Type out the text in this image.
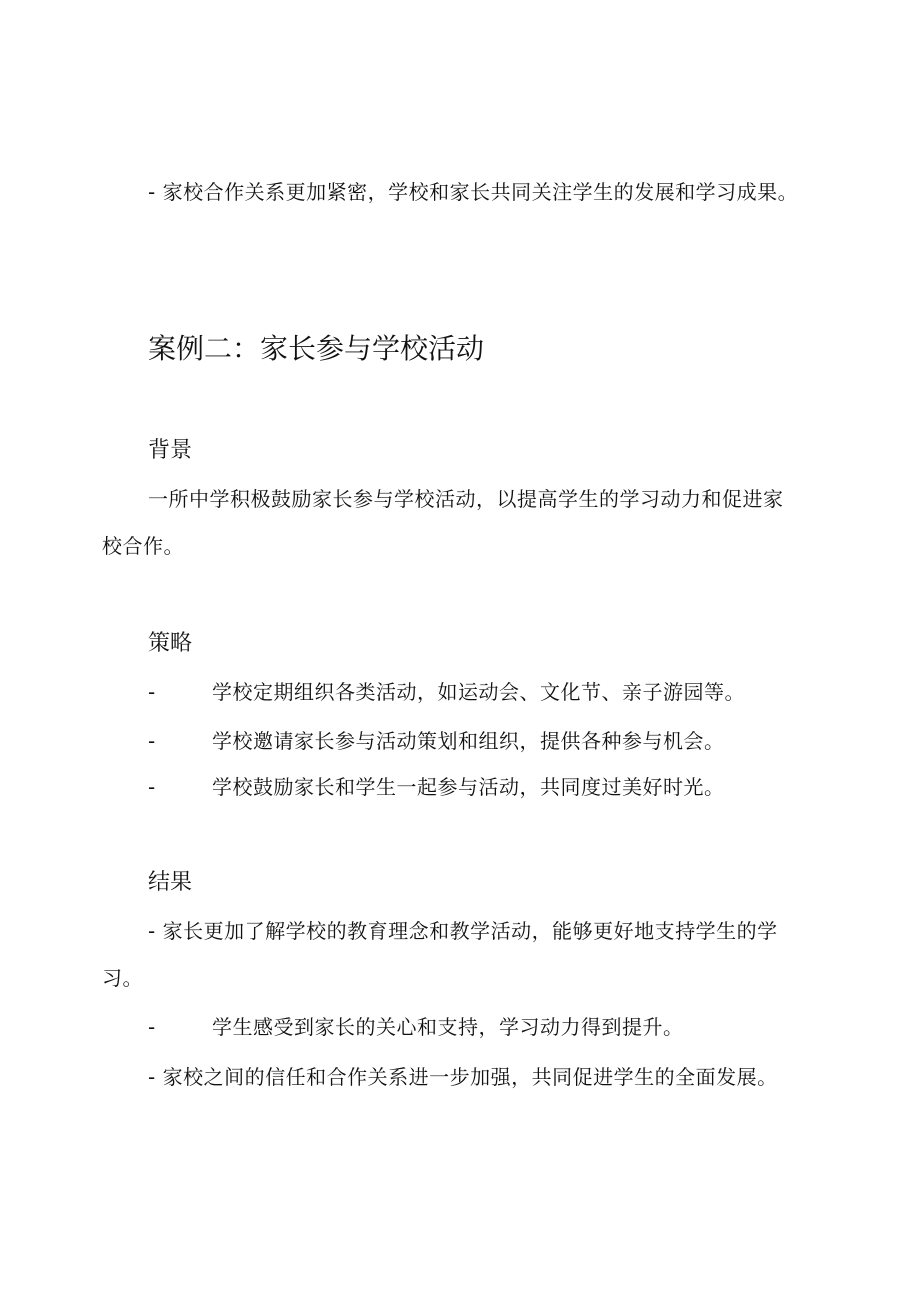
- 家校合作关系更加紧密，学校和家长共同关注学生的发展和学习成果。

案例二：家长参与学校活动
背景

一所中学积极鼓励家长参与学校活动，以提高学生的学习动力和促进家校合作。

策略
-	学校定期组织各类活动，如运动会、文化节、亲子游园等。
-	学校邀请家长参与活动策划和组织，提供各种参与机会。
-	学校鼓励家长和学生一起参与活动，共同度过美好时光。
结果

- 家长更加了解学校的教育理念和教学活动，能够更好地支持学生的学习。

-	学生感受到家长的关心和支持，学习动力得到提升。

- 家校之间的信任和合作关系进一步加强，共同促进学生的全面发展。
